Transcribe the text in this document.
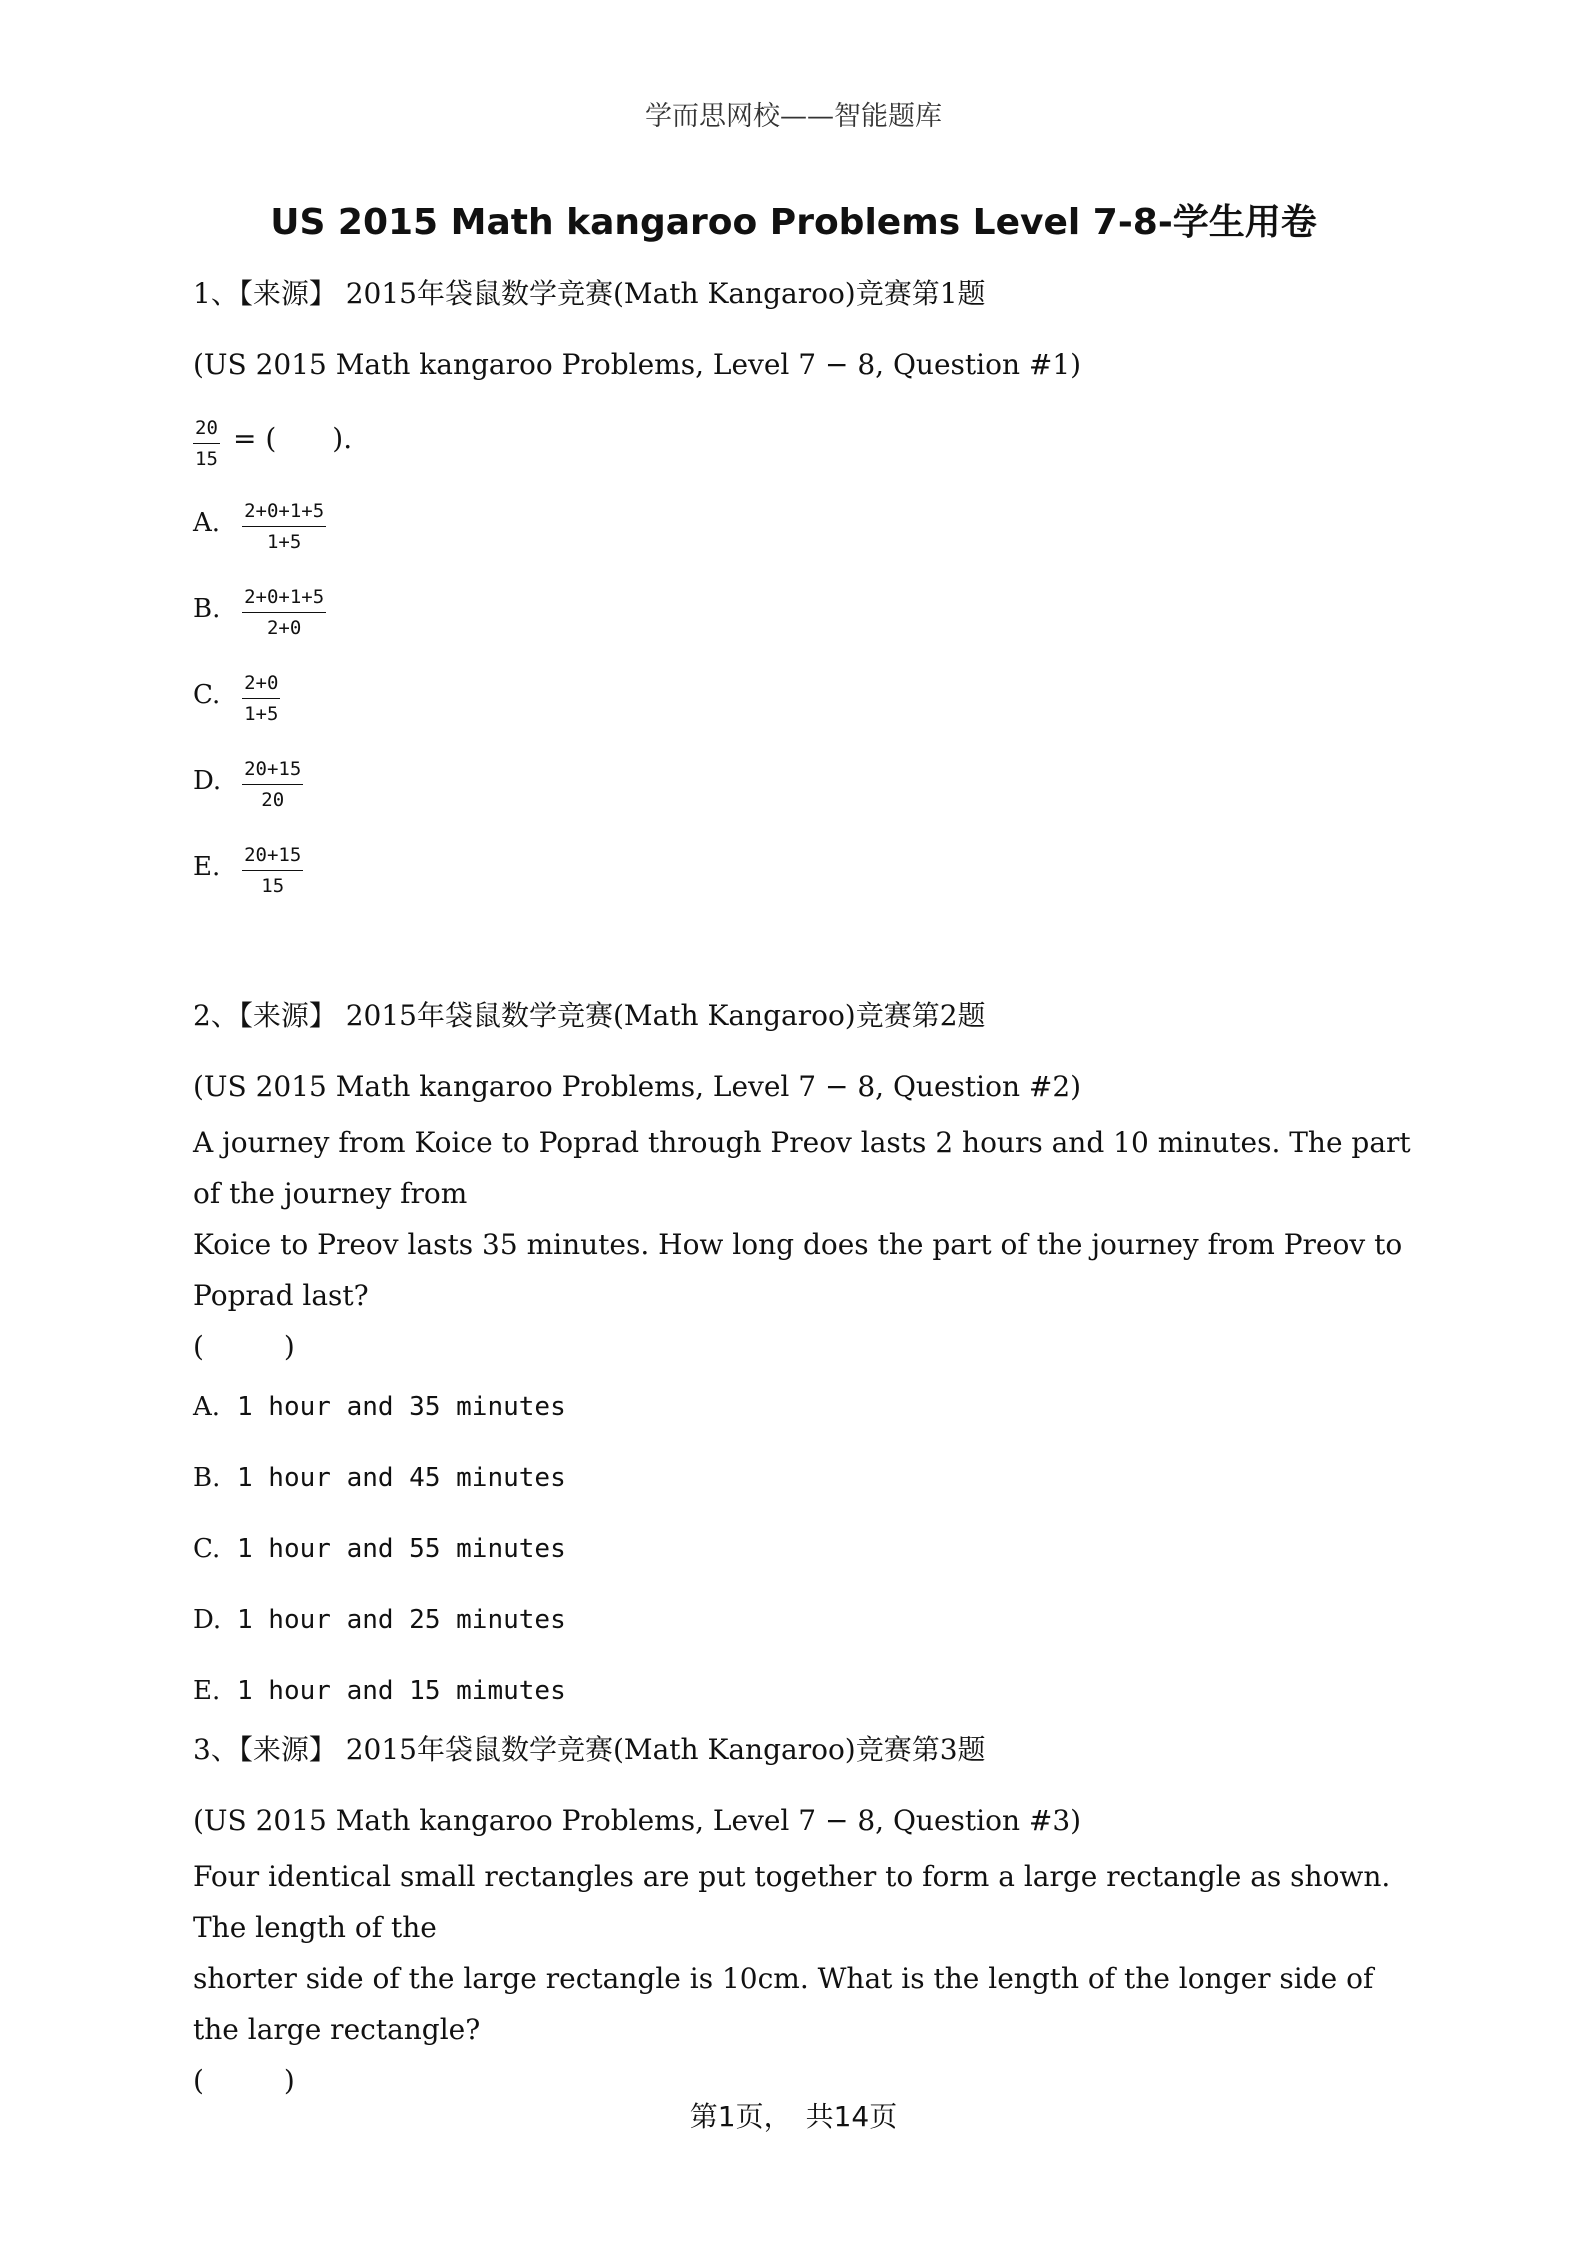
学而思网校——智能题库
US 2015 Math kangaroo Problems Level 7-8-学生用卷
1、【来源】 2015年袋鼠数学竞赛(Math Kangaroo)竞赛第1题
(US 2015 Math kangaroo Problems, Level 7 − 8, Question #1)
$\frac{20}{15}$ = (　　).
A. $\frac{2+0+1+5}{1+5}$
B. $\frac{2+0+1+5}{2+0}$
C. $\frac{2+0}{1+5}$
D. $\frac{20+15}{20}$
E. $\frac{20+15}{15}$
2、【来源】 2015年袋鼠数学竞赛(Math Kangaroo)竞赛第2题
(US 2015 Math kangaroo Problems, Level 7 − 8, Question #2)
A journey from Koice to Poprad through Preov lasts 2 hours and 10 minutes. The part of the journey from
Koice to Preov lasts 35 minutes. How long does the part of the journey from Preov to Poprad last?
(　　)
A. 1 hour and 35 minutes
B. 1 hour and 45 minutes
C. 1 hour and 55 minutes
D. 1 hour and 25 minutes
E. 1 hour and 15 mimutes
3、【来源】 2015年袋鼠数学竞赛(Math Kangaroo)竞赛第3题
(US 2015 Math kangaroo Problems, Level 7 − 8, Question #3)
Four identical small rectangles are put together to form a large rectangle as shown. The length of the
shorter side of the large rectangle is 10cm. What is the length of the longer side of the large rectangle?
(　　)
第1页，　共14页
